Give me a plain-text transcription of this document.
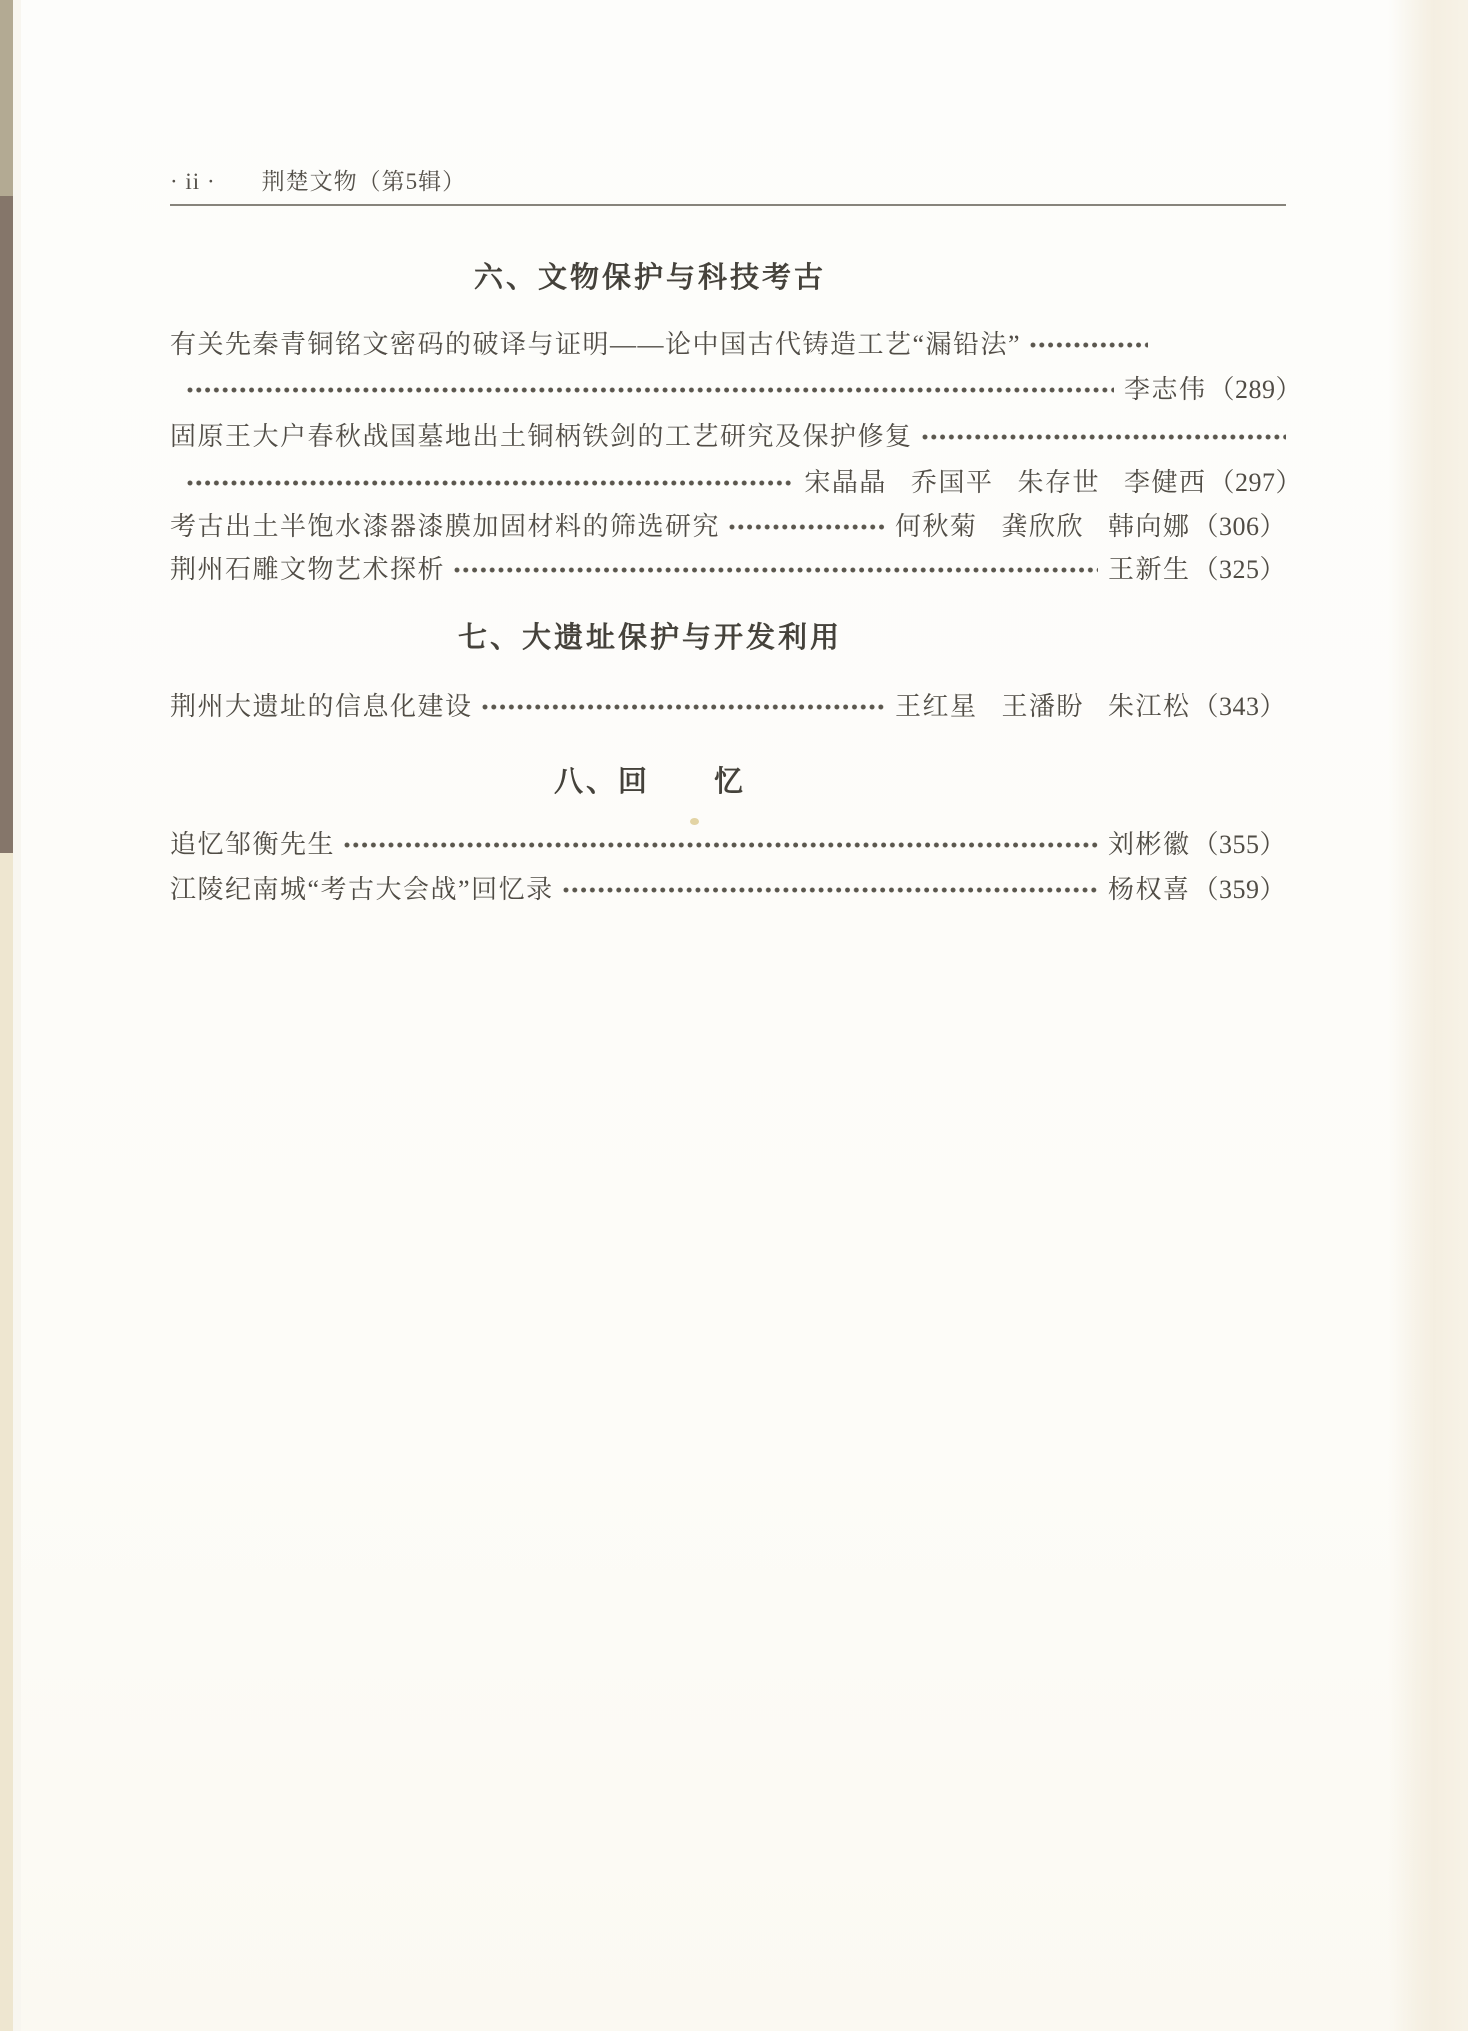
· ii · 荆楚文物（第5辑）
六、文物保护与科技考古
有关先秦青铜铭文密码的破译与证明——论中国古代铸造工艺“漏铅法”
李志伟 （289）
固原王大户春秋战国墓地出土铜柄铁剑的工艺研究及保护修复
宋晶晶 乔国平 朱存世 李健西 （297）
考古出土半饱水漆器漆膜加固材料的筛选研究	何秋菊 龚欣欣 韩向娜 （306）
荆州石雕文物艺术探析	王新生 （325）
七、大遗址保护与开发利用
荆州大遗址的信息化建设	王红星 王潘盼 朱江松 （343）
八、回　　忆
追忆邹衡先生	刘彬徽 （355）
江陵纪南城“考古大会战”回忆录	杨权喜 （359）
